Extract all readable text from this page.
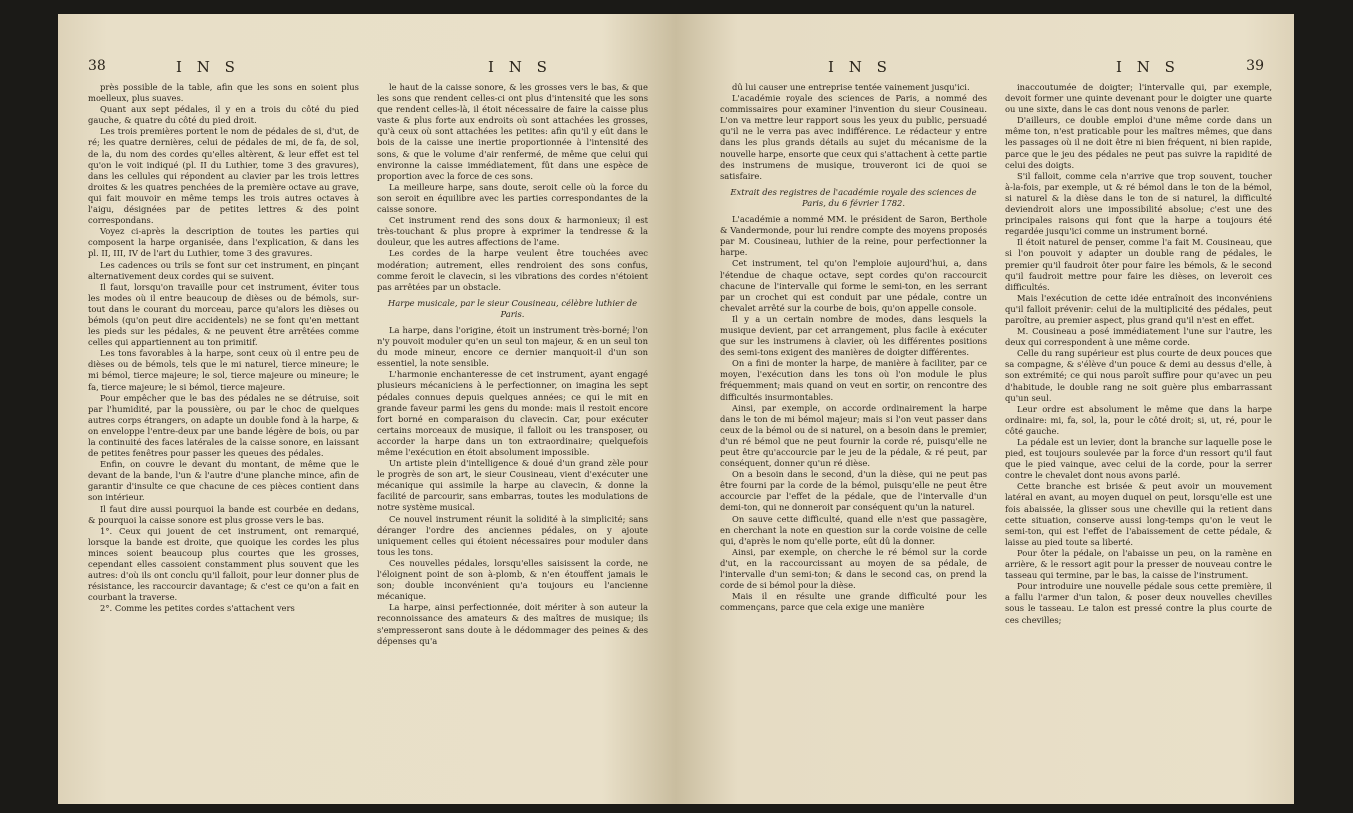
38	I N S	I N S

près possible de la table, afin que les sons en soient plus moelleux, plus suaves.

Quant aux sept pédales, il y en a trois du côté du pied gauche, & quatre du côté du pied droit.

Les trois premières portent le nom de pédales de si, d'ut, de ré; les quatre dernières, celui de pédales de mi, de fa, de sol, de la, du nom des cordes qu'elles altèrent, & leur effet est tel qu'on le voit indiqué (pl. II du Luthier, tome 3 des gravures), dans les cellules qui répondent au clavier par les trois lettres droites & les quatres penchées de la première octave au grave, qui fait mouvoir en même temps les trois autres octaves à l'aigu, désignées par de petites lettres & des point correspondans.

Voyez ci-après la description de toutes les parties qui composent la harpe organisée, dans l'explication, & dans les pl. II, III, IV de l'art du Luthier, tome 3 des gravures.

Les cadences ou trils se font sur cet instrument, en pinçant alternativement deux cordes qui se suivent.

Il faut, lorsqu'on travaille pour cet instrument, éviter tous les modes où il entre beaucoup de dièses ou de bémols, sur-tout dans le courant du morceau, parce qu'alors les dièses ou bémols (qu'on peut dire accidentels) ne se font qu'en mettant les pieds sur les pédales, & ne peuvent être arrêtées comme celles qui appartiennent au ton primitif.

Les tons favorables à la harpe, sont ceux où il entre peu de dièses ou de bémols, tels que le mi naturel, tierce mineure; le mi bémol, tierce majeure; le sol, tierce majeure ou mineure; le fa, tierce majeure; le si bémol, tierce majeure.

Pour empêcher que le bas des pédales ne se détruise, soit par l'humidité, par la poussière, ou par le choc de quelques autres corps étrangers, on adapte un double fond à la harpe, & on enveloppe l'entre-deux par une bande légère de bois, ou par la continuité des faces latérales de la caisse sonore, en laissant de petites fenêtres pour passer les queues des pédales.

Enfin, on couvre le devant du montant, de même que le devant de la bande, l'un & l'autre d'une planche mince, afin de garantir d'insulte ce que chacune de ces pièces contient dans son intérieur.

Il faut dire aussi pourquoi la bande est courbée en dedans, & pourquoi la caisse sonore est plus grosse vers le bas.

1°. Ceux qui jouent de cet instrument, ont remarqué, lorsque la bande est droite, que quoique les cordes les plus minces soient beaucoup plus courtes que les grosses, cependant elles cassoient constamment plus souvent que les autres: d'où ils ont conclu qu'il falloit, pour leur donner plus de résistance, les raccourcir davantage; & c'est ce qu'on a fait en courbant la traverse.

2°. Comme les petites cordes s'attachent vers

le haut de la caisse sonore, & les grosses vers le bas, & que les sons que rendent celles-ci ont plus d'intensité que les sons que rendent celles-là, il étoit nécessaire de faire la caisse plus vaste & plus forte aux endroits où sont attachées les grosses, qu'à ceux où sont attachées les petites: afin qu'il y eût dans le bois de la caisse une inertie proportionnée à l'intensité des sons, & que le volume d'air renfermé, de même que celui qui environne la caisse immédiatement, fût dans une espèce de proportion avec la force de ces sons.

La meilleure harpe, sans doute, seroit celle où la force du son seroit en équilibre avec les parties correspondantes de la caisse sonore.

Cet instrument rend des sons doux & harmonieux; il est très-touchant & plus propre à exprimer la tendresse & la douleur, que les autres affections de l'ame.

Les cordes de la harpe veulent être touchées avec modération; autrement, elles rendroient des sons confus, comme feroit le clavecin, si les vibrations des cordes n'étoient pas arrêtées par un obstacle.

Harpe musicale, par le sieur Cousineau, célèbre luthier de Paris.

La harpe, dans l'origine, étoit un instrument très-borné; l'on n'y pouvoit moduler qu'en un seul ton majeur, & en un seul ton du mode mineur, encore ce dernier manquoit-il d'un son essentiel, la note sensible.

L'harmonie enchanteresse de cet instrument, ayant engagé plusieurs mécaniciens à le perfectionner, on imagina les sept pédales connues depuis quelques années; ce qui le mit en grande faveur parmi les gens du monde: mais il restoit encore fort borné en comparaison du clavecin. Car, pour exécuter certains morceaux de musique, il falloit ou les transposer, ou accorder la harpe dans un ton extraordinaire; quelquefois même l'exécution en étoit absolument impossible.

Un artiste plein d'intelligence & doué d'un grand zèle pour le progrès de son art, le sieur Cousineau, vient d'exécuter une mécanique qui assimile la harpe au clavecin, & donne la facilité de parcourir, sans embarras, toutes les modulations de notre système musical.

Ce nouvel instrument réunit la solidité à la simplicité; sans déranger l'ordre des anciennes pédales, on y ajoute uniquement celles qui étoient nécessaires pour moduler dans tous les tons.

Ces nouvelles pédales, lorsqu'elles saisissent la corde, ne l'éloignent point de son à-plomb, & n'en étouffent jamais le son; double inconvénient qu'a toujours eu l'ancienne mécanique.

La harpe, ainsi perfectionnée, doit mériter à son auteur la reconnoissance des amateurs & des maîtres de musique; ils s'empresseront sans doute à le dédommager des peines & des dépenses qu'a

I N S	I N S	39

dû lui causer une entreprise tentée vainement jusqu'ici.

L'académie royale des sciences de Paris, a nommé des commissaires pour examiner l'invention du sieur Cousineau. L'on va mettre leur rapport sous les yeux du public, persuadé qu'il ne le verra pas avec indifférence. Le rédacteur y entre dans les plus grands détails au sujet du mécanisme de la nouvelle harpe, ensorte que ceux qui s'attachent à cette partie des instrumens de musique, trouveront ici de quoi se satisfaire.

Extrait des registres de l'académie royale des sciences de Paris, du 6 février 1782.

L'académie a nommé MM. le président de Saron, Berthole & Vandermonde, pour lui rendre compte des moyens proposés par M. Cousineau, luthier de la reine, pour perfectionner la harpe.

Cet instrument, tel qu'on l'emploie aujourd'hui, a, dans l'étendue de chaque octave, sept cordes qu'on raccourcit chacune de l'intervalle qui forme le semi-ton, en les serrant par un crochet qui est conduit par une pédale, contre un chevalet arrêté sur la courbe de bois, qu'on appelle console.

Il y a un certain nombre de modes, dans lesquels la musique devient, par cet arrangement, plus facile à exécuter que sur les instrumens à clavier, où les différentes positions des semi-tons exigent des manières de doigter différentes.

On a fini de monter la harpe, de manière à faciliter, par ce moyen, l'exécution dans les tons où l'on module le plus fréquemment; mais quand on veut en sortir, on rencontre des difficultés insurmontables.

Ainsi, par exemple, on accorde ordinairement la harpe dans le ton de mi bémol majeur; mais si l'on veut passer dans ceux de la bémol ou de si naturel, on a besoin dans le premier, d'un ré bémol que ne peut fournir la corde ré, puisqu'elle ne peut être qu'accourcie par le jeu de la pédale, & ré peut, par conséquent, donner qu'un ré dièse.

On a besoin dans le second, d'un la dièse, qui ne peut pas être fourni par la corde de la bémol, puisqu'elle ne peut être accourcie par l'effet de la pédale, que de l'intervalle d'un demi-ton, qui ne donneroit par conséquent qu'un la naturel.

On sauve cette difficulté, quand elle n'est que passagère, en cherchant la note en question sur la corde voisine de celle qui, d'après le nom qu'elle porte, eût dû la donner.

Ainsi, par exemple, on cherche le ré bémol sur la corde d'ut, en la raccourcissant au moyen de sa pédale, de l'intervalle d'un semi-ton; & dans le second cas, on prend la corde de si bémol pour la dièse.

Mais il en résulte une grande difficulté pour les commençans, parce que cela exige une manière

inaccoutumée de doigter; l'intervalle qui, par exemple, devoit former une quinte devenant pour le doigter une quarte ou une sixte, dans le cas dont nous venons de parler.

D'ailleurs, ce double emploi d'une même corde dans un même ton, n'est praticable pour les maîtres mêmes, que dans les passages où il ne doit être ni bien fréquent, ni bien rapide, parce que le jeu des pédales ne peut pas suivre la rapidité de celui des doigts.

S'il falloit, comme cela n'arrive que trop souvent, toucher à-la-fois, par exemple, ut & ré bémol dans le ton de la bémol, si naturel & la dièse dans le ton de si naturel, la difficulté deviendroit alors une impossibilité absolue; c'est une des principales raisons qui font que la harpe a toujours été regardée jusqu'ici comme un instrument borné.

Il étoit naturel de penser, comme l'a fait M. Cousineau, que si l'on pouvoit y adapter un double rang de pédales, le premier qu'il faudroit ôter pour faire les bémols, & le second qu'il faudroit mettre pour faire les dièses, on leveroit ces difficultés.

Mais l'exécution de cette idée entraînoit des inconvéniens qu'il falloit prévenir: celui de la multiplicité des pédales, peut paroître, au premier aspect, plus grand qu'il n'est en effet.

M. Cousineau a posé immédiatement l'une sur l'autre, les deux qui correspondent à une même corde.

Celle du rang supérieur est plus courte de deux pouces que sa compagne, & s'élève d'un pouce & demi au dessus d'elle, à son extrémité; ce qui nous paroît suffire pour qu'avec un peu d'habitude, le double rang ne soit guère plus embarrassant qu'un seul.

Leur ordre est absolument le même que dans la harpe ordinaire: mi, fa, sol, la, pour le côté droit; si, ut, ré, pour le côté gauche.

La pédale est un levier, dont la branche sur laquelle pose le pied, est toujours soulevée par la force d'un ressort qu'il faut que le pied vainque, avec celui de la corde, pour la serrer contre le chevalet dont nous avons parlé.

Cette branche est brisée & peut avoir un mouvement latéral en avant, au moyen duquel on peut, lorsqu'elle est une fois abaissée, la glisser sous une cheville qui la retient dans cette situation, conserve aussi long-temps qu'on le veut le semi-ton, qui est l'effet de l'abaissement de cette pédale, & laisse au pied toute sa liberté.

Pour ôter la pédale, on l'abaisse un peu, on la ramène en arrière, & le ressort agit pour la presser de nouveau contre le tasseau qui termine, par le bas, la caisse de l'instrument.

Pour introduire une nouvelle pédale sous cette première, il a fallu l'armer d'un talon, & poser deux nouvelles chevilles sous le tasseau. Le talon est pressé contre la plus courte de ces chevilles;
